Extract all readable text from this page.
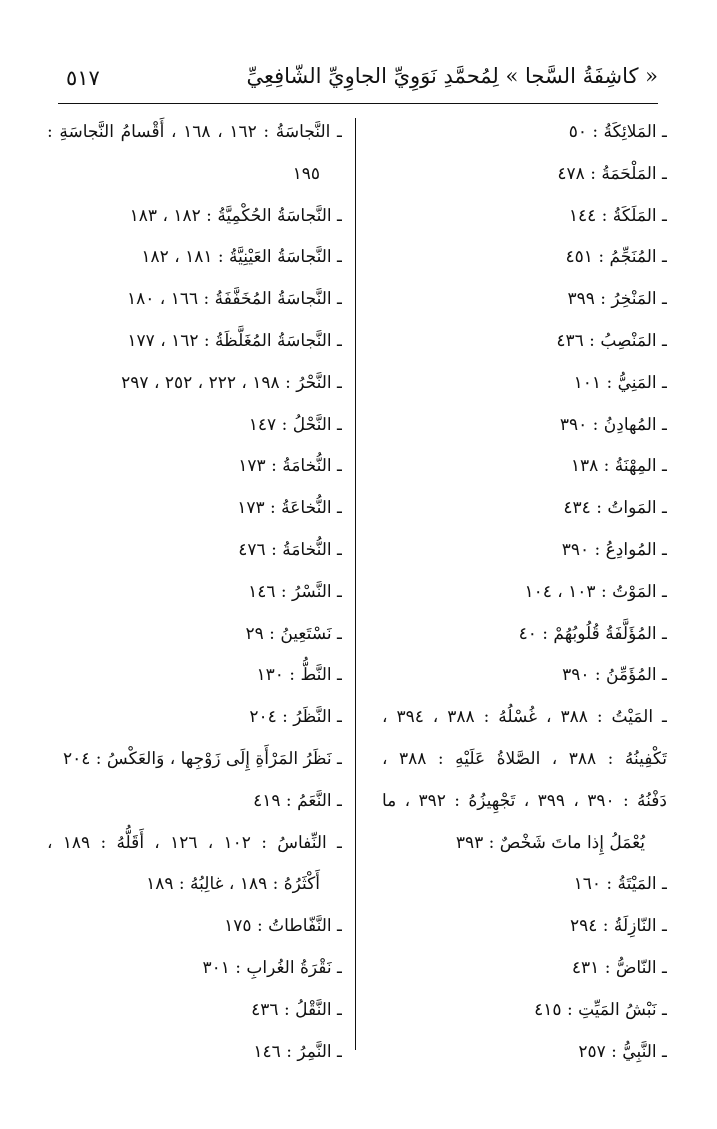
٥١٧	« كاشِفَةُ السَّجا » لِمُحمَّدِ نَوَوِيِّ الجاوِيِّ الشّافِعِيِّ
ـ المَلائِكَةُ : ٥٠
ـ المَلْحَمَةُ : ٤٧٨
ـ المَلَكَةُ : ١٤٤
ـ المُنَجِّمُ : ٤٥١
ـ المَنْخِرُ : ٣٩٩
ـ المَنْصِبُ : ٤٣٦
ـ المَنِيُّ : ١٠١
ـ المُهادِنُ : ٣٩٠
ـ المِهْنَةُ : ١٣٨
ـ المَواتُ : ٤٣٤
ـ المُوادِعُ : ٣٩٠
ـ المَوْتُ : ١٠٣ ، ١٠٤
ـ المُؤَلَّفَةُ قُلُوبُهُمْ : ٤٠
ـ المُؤَمِّنُ : ٣٩٠
ـ المَيْتُ : ٣٨٨ ، غُسْلُهُ : ٣٨٨ ، ٣٩٤ ،
تَكْفِينُهُ : ٣٨٨ ، الصَّلاةُ عَلَيْهِ : ٣٨٨ ،
دَفْنُهُ : ٣٩٠ ، ٣٩٩ ، تَجْهِيزُهُ : ٣٩٢ ، ما
يُعْمَلُ إِذا ماتَ شَخْصٌ : ٣٩٣
ـ المَيْتَةُ : ١٦٠
ـ النّازِلَةُ : ٢٩٤
ـ النّاضُّ : ٤٣١
ـ نَبْشُ المَيِّتِ : ٤١٥
ـ النَّبِيُّ : ٢٥٧
ـ النَّجاسَةُ : ١٦٢ ، ١٦٨ ، أَقْسامُ النَّجاسَةِ :
١٩٥
ـ النَّجاسَةُ الحُكْمِيَّةُ : ١٨٢ ، ١٨٣
ـ النَّجاسَةُ العَيْنِيَّةُ : ١٨١ ، ١٨٢
ـ النَّجاسَةُ المُخَفَّفَةُ : ١٦٦ ، ١٨٠
ـ النَّجاسَةُ المُغَلَّظَةُ : ١٦٢ ، ١٧٧
ـ النَّحْرُ : ١٩٨ ، ٢٢٢ ، ٢٥٢ ، ٢٩٧
ـ النَّحْلُ : ١٤٧
ـ النُّخامَةُ : ١٧٣
ـ النُّخاعَةُ : ١٧٣
ـ النُّخامَةُ : ٤٧٦
ـ النَّسْرُ : ١٤٦
ـ نَسْتَعِينُ : ٢٩
ـ النَّطُّ : ١٣٠
ـ النَّظَرُ : ٢٠٤
ـ نَظَرُ المَرْأَةِ إِلَى زَوْجِها ، وَالعَكْسُ : ٢٠٤
ـ النَّعَمُ : ٤١٩
ـ النِّفاسُ : ١٠٢ ، ١٢٦ ، أَقَلُّهُ : ١٨٩ ،
أَكْثَرُهُ : ١٨٩ ، غالِبُهُ : ١٨٩
ـ النَّفّاطاتُ : ١٧٥
ـ نَقْرَةُ الغُرابِ : ٣٠١
ـ النَّقْلُ : ٤٣٦
ـ النَّمِرُ : ١٤٦
